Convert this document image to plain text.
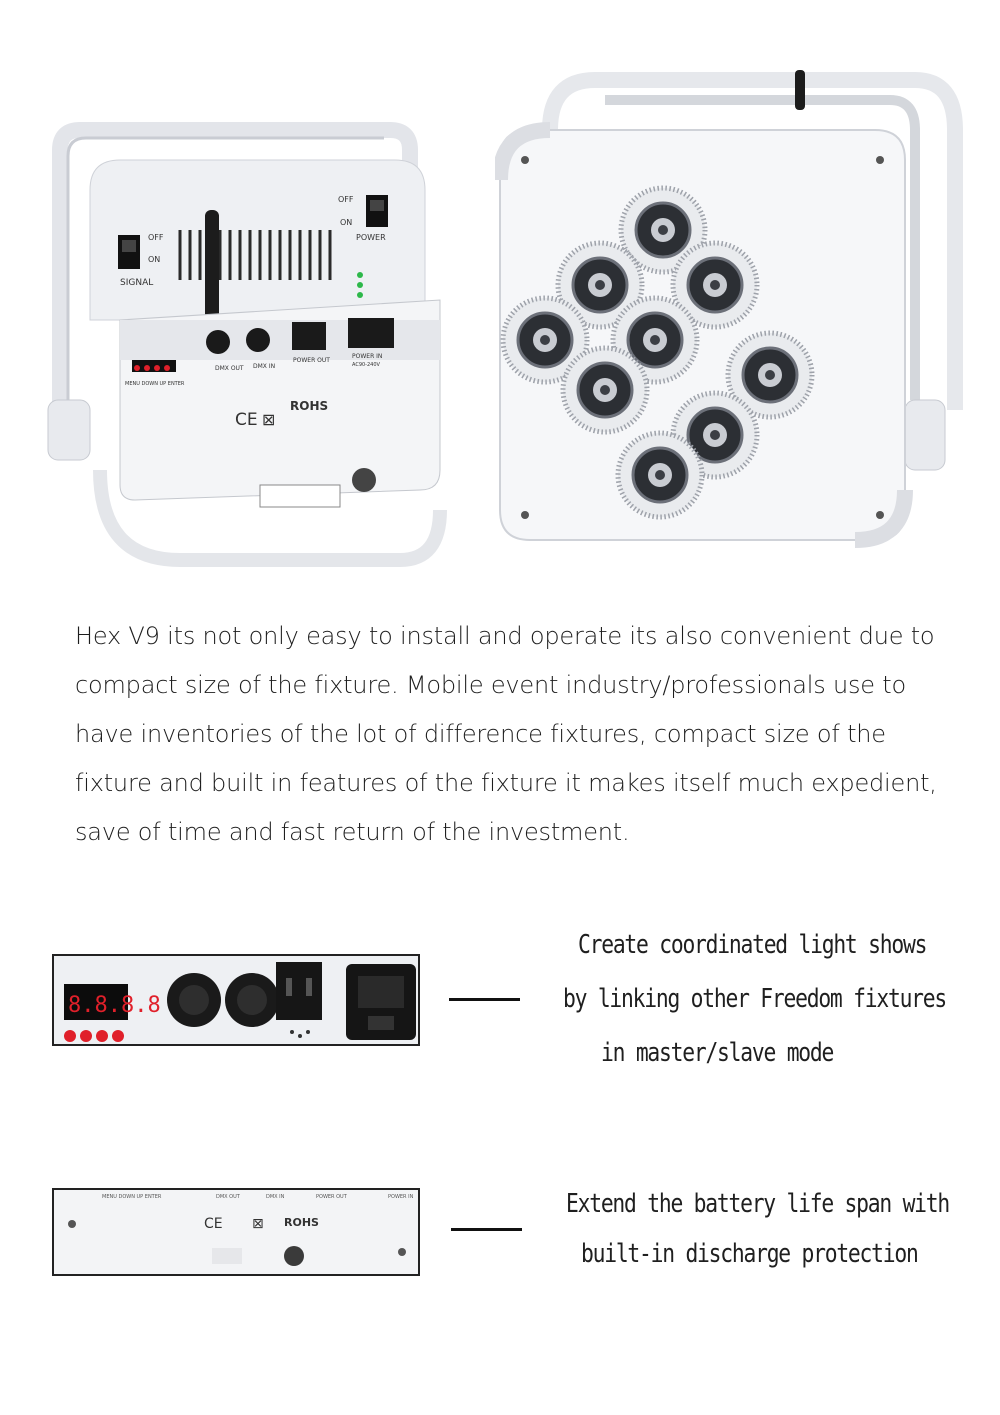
OFF
ON
SIGNAL
OFF
ON
POWER
DMX OUT DMX IN
POWER OUT
POWER IN
AC90-240V
MENU DOWN UP ENTER
CE ⊠
ROHS
Hex V9 its not only easy to install and operate its also convenient due to compact size of the fixture. Mobile event industry/professionals use to have inventories of the lot of difference fixtures, compact size of the fixture and built in features of the fixture it makes itself much expedient, save of time and fast return of the investment.
8.8.8.8
Create coordinated light shows
by linking other Freedom fixtures
in master/slave mode
MENU DOWN UP ENTER	DMX OUT	DMX IN	POWER OUT	POWER IN
CE ⊠ ROHS
Extend the battery life span with
built-in discharge protection
